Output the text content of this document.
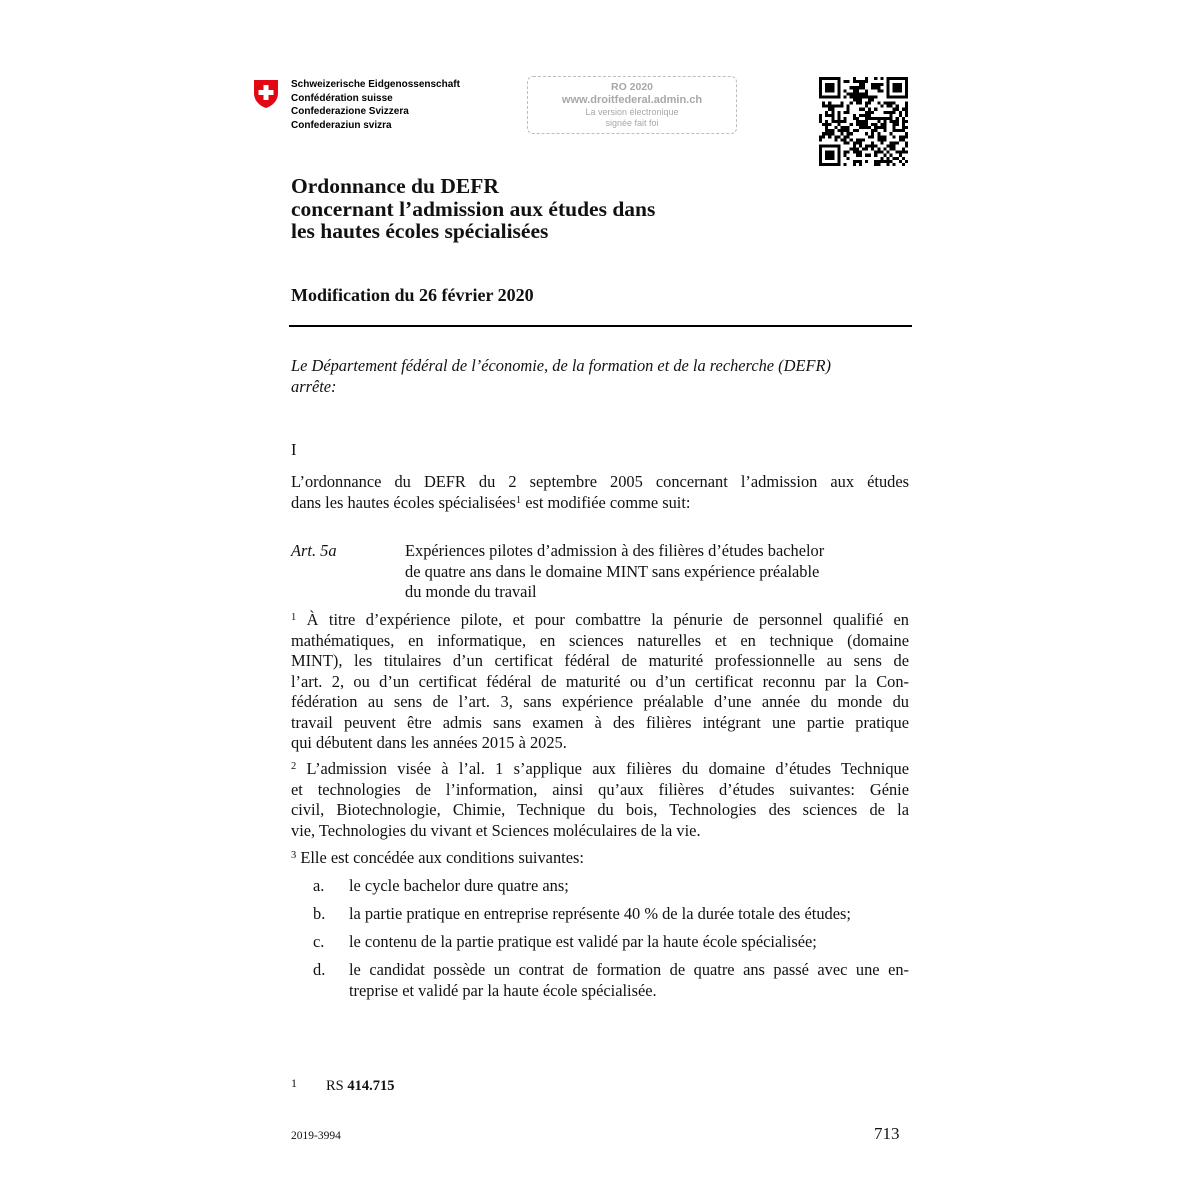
Schweizerische Eidgenossenschaft
Confédération suisse
Confederazione Svizzera
Confederaziun svizra
RO 2020
www.droitfederal.admin.ch
La version électronique
signée fait foi
Ordonnance du DEFR
concernant l’admission aux études dans
les hautes écoles spécialisées
Modification du 26 février 2020
Le Département fédéral de l’économie, de la formation et de la recherche (DEFR)
arrête:
I
L’ordonnance du DEFR du 2 septembre 2005 concernant l’admission aux études
dans les hautes écoles spécialisées$^1$ est modifiée comme suit:
Art. 5a	Expériences pilotes d’admission à des filières d’études bachelor
de quatre ans dans le domaine MINT sans expérience préalable
du monde du travail
$^1$ À titre d’expérience pilote, et pour combattre la pénurie de personnel qualifié en
mathématiques, en informatique, en sciences naturelles et en technique (domaine
MINT), les titulaires d’un certificat fédéral de maturité professionnelle au sens de
l’art. 2, ou d’un certificat fédéral de maturité ou d’un certificat reconnu par la Con-
fédération au sens de l’art. 3, sans expérience préalable d’une année du monde du
travail peuvent être admis sans examen à des filières intégrant une partie pratique
qui débutent dans les années 2015 à 2025.
$^2$ L’admission visée à l’al. 1 s’applique aux filières du domaine d’études Technique
et technologies de l’information, ainsi qu’aux filières d’études suivantes: Génie
civil, Biotechnologie, Chimie, Technique du bois, Technologies des sciences de la
vie, Technologies du vivant et Sciences moléculaires de la vie.
$^3$ Elle est concédée aux conditions suivantes:
a. le cycle bachelor dure quatre ans;
b. la partie pratique en entreprise représente 40 % de la durée totale des études;
c. le contenu de la partie pratique est validé par la haute école spécialisée;
d. le candidat possède un contrat de formation de quatre ans passé avec une en-
treprise et validé par la haute école spécialisée.
1 RS 414.715
2019-3994	713
